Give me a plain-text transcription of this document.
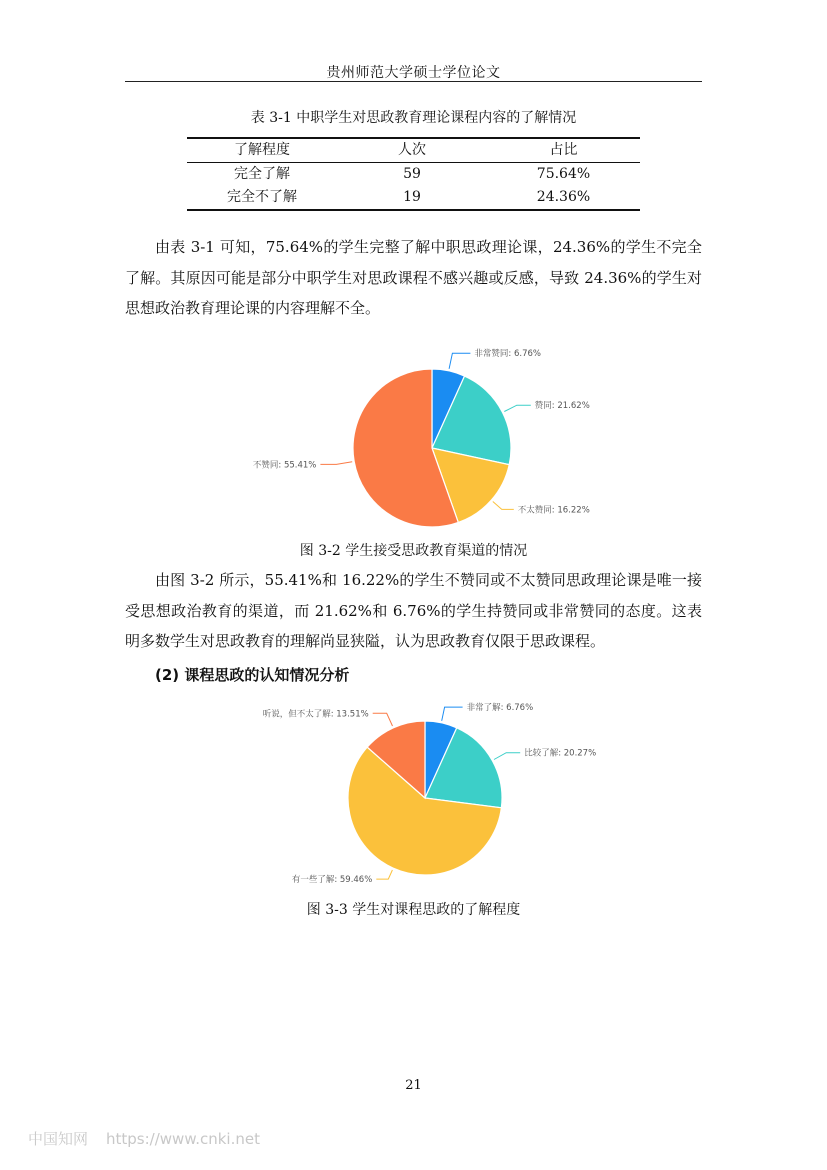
贵州师范大学硕士学位论文
表 3-1 中职学生对思政教育理论课程内容的了解情况
了解程度	人次	占比
完全了解	59	75.64%
完全不了解	19	24.36%
由表 3-1 可知，75.64%的学生完整了解中职思政理论课，24.36%的学生不完全了解。其原因可能是部分中职学生对思政课程不感兴趣或反感，导致 24.36%的学生对思想政治教育理论课的内容理解不全。
非常赞同: 6.76%
赞同: 21.62%
不太赞同: 16.22%
不赞同: 55.41%
图 3-2 学生接受思政教育渠道的情况
由图 3-2 所示，55.41%和 16.22%的学生不赞同或不太赞同思政理论课是唯一接受思想政治教育的渠道，而 21.62%和 6.76%的学生持赞同或非常赞同的态度。这表明多数学生对思政教育的理解尚显狭隘，认为思政教育仅限于思政课程。
(2) 课程思政的认知情况分析
非常了解: 6.76%
比较了解: 20.27%
有一些了解: 59.46%
听说，但不太了解: 13.51%
图 3-3 学生对课程思政的了解程度
21
中国知网 https://www.cnki.net
